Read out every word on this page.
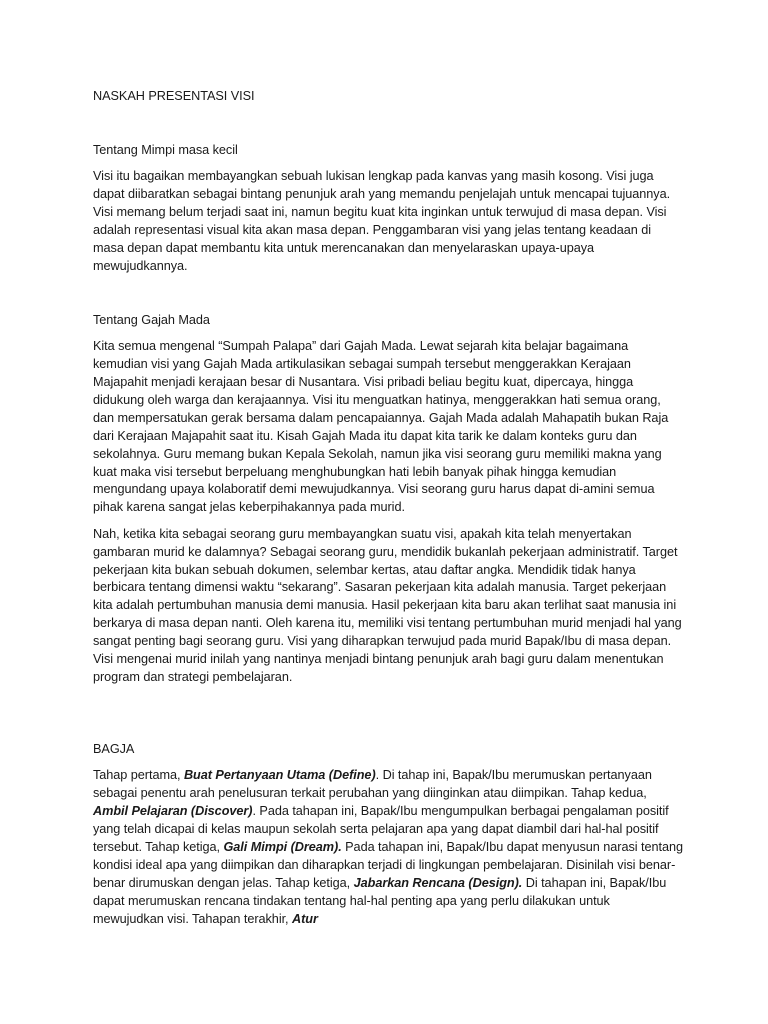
NASKAH PRESENTASI VISI

Tentang Mimpi masa kecil

Visi itu bagaikan membayangkan sebuah lukisan lengkap pada kanvas yang masih kosong. Visi juga dapat diibaratkan sebagai bintang penunjuk arah yang memandu penjelajah untuk mencapai tujuannya. Visi memang belum terjadi saat ini, namun begitu kuat kita inginkan untuk terwujud di masa depan. Visi adalah representasi visual kita akan masa depan. Penggambaran visi yang jelas tentang keadaan di masa depan dapat membantu kita untuk merencanakan dan menyelaraskan upaya-upaya mewujudkannya.

Tentang Gajah Mada

Kita semua mengenal “Sumpah Palapa” dari Gajah Mada. Lewat sejarah kita belajar bagaimana kemudian visi yang Gajah Mada artikulasikan sebagai sumpah tersebut menggerakkan Kerajaan Majapahit menjadi kerajaan besar di Nusantara. Visi pribadi beliau begitu kuat, dipercaya, hingga didukung oleh warga dan kerajaannya. Visi itu menguatkan hatinya, menggerakkan hati semua orang, dan mempersatukan gerak bersama dalam pencapaiannya. Gajah Mada adalah Mahapatih bukan Raja dari Kerajaan Majapahit saat itu. Kisah Gajah Mada itu dapat kita tarik ke dalam konteks guru dan sekolahnya. Guru memang bukan Kepala Sekolah, namun jika visi seorang guru memiliki makna yang kuat maka visi tersebut berpeluang menghubungkan hati lebih banyak pihak hingga kemudian mengundang upaya kolaboratif demi mewujudkannya. Visi seorang guru harus dapat di-amini semua pihak karena sangat jelas keberpihakannya pada murid.

Nah, ketika kita sebagai seorang guru membayangkan suatu visi, apakah kita telah menyertakan gambaran murid ke dalamnya? Sebagai seorang guru, mendidik bukanlah pekerjaan administratif. Target pekerjaan kita bukan sebuah dokumen, selembar kertas, atau daftar angka. Mendidik tidak hanya berbicara tentang dimensi waktu “sekarang”. Sasaran pekerjaan kita adalah manusia. Target pekerjaan kita adalah pertumbuhan manusia demi manusia. Hasil pekerjaan kita baru akan terlihat saat manusia ini berkarya di masa depan nanti. Oleh karena itu, memiliki visi tentang pertumbuhan murid menjadi hal yang sangat penting bagi seorang guru. Visi yang diharapkan terwujud pada murid Bapak/Ibu di masa depan. Visi mengenai murid inilah yang nantinya menjadi bintang penunjuk arah bagi guru dalam menentukan program dan strategi pembelajaran.

BAGJA

Tahap pertama, Buat Pertanyaan Utama (Define). Di tahap ini, Bapak/Ibu merumuskan pertanyaan sebagai penentu arah penelusuran terkait perubahan yang diinginkan atau diimpikan. Tahap kedua, Ambil Pelajaran (Discover). Pada tahapan ini, Bapak/Ibu mengumpulkan berbagai pengalaman positif yang telah dicapai di kelas maupun sekolah serta pelajaran apa yang dapat diambil dari hal-hal positif tersebut. Tahap ketiga, Gali Mimpi (Dream). Pada tahapan ini, Bapak/Ibu dapat menyusun narasi tentang kondisi ideal apa yang diimpikan dan diharapkan terjadi di lingkungan pembelajaran. Disinilah visi benar-benar dirumuskan dengan jelas. Tahap ketiga, Jabarkan Rencana (Design). Di tahapan ini, Bapak/Ibu dapat merumuskan rencana tindakan tentang hal-hal penting apa yang perlu dilakukan untuk mewujudkan visi. Tahapan terakhir, Atur
